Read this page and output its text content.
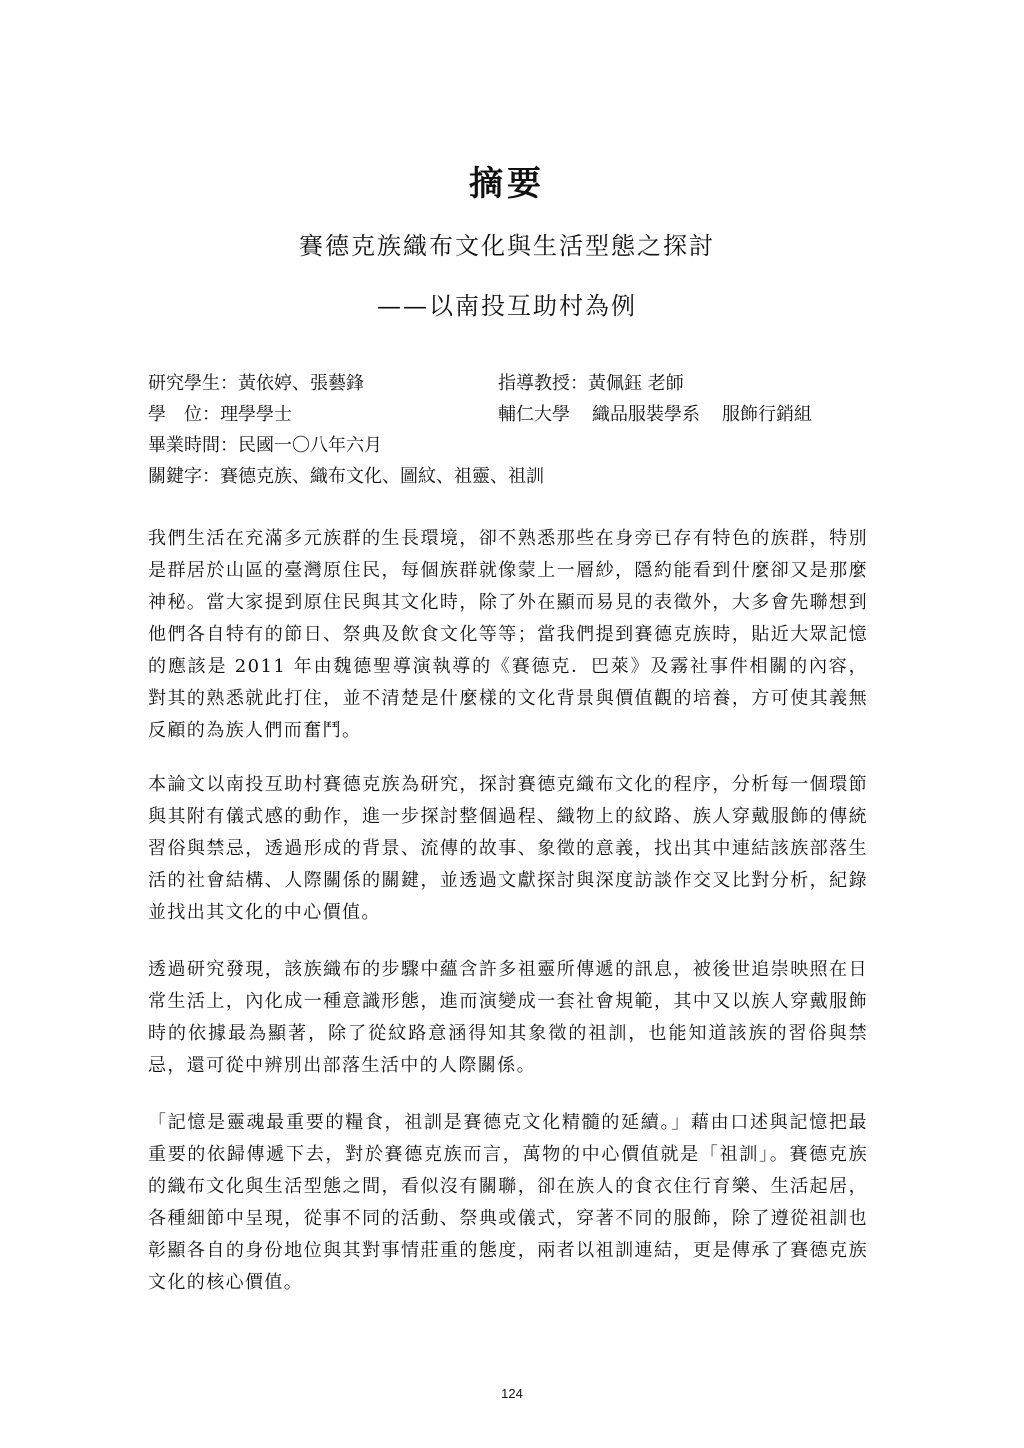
摘要
賽德克族織布文化與生活型態之探討
——以南投互助村為例
研究學生：黃依婷、張藝鋒	指導教授：黃佩鈺 老師
學　位：理學學士	輔仁大學 織品服裝學系 服飾行銷組
畢業時間：民國一〇八年六月
關鍵字：賽德克族、織布文化、圖紋、祖靈、祖訓

我們生活在充滿多元族群的生長環境，卻不熟悉那些在身旁已存有特色的族群，特別是群居於山區的臺灣原住民，每個族群就像蒙上一層紗，隱約能看到什麼卻又是那麼神秘。當大家提到原住民與其文化時，除了外在顯而易見的表徵外，大多會先聯想到他們各自特有的節日、祭典及飲食文化等等；當我們提到賽德克族時，貼近大眾記憶的應該是 2011 年由魏德聖導演執導的《賽德克．巴萊》及霧社事件相關的內容，對其的熟悉就此打住，並不清楚是什麼樣的文化背景與價值觀的培養，方可使其義無反顧的為族人們而奮鬥。

本論文以南投互助村賽德克族為研究，探討賽德克織布文化的程序，分析每一個環節與其附有儀式感的動作，進一步探討整個過程、織物上的紋路、族人穿戴服飾的傳統習俗與禁忌，透過形成的背景、流傳的故事、象徵的意義，找出其中連結該族部落生活的社會結構、人際關係的關鍵，並透過文獻探討與深度訪談作交叉比對分析，紀錄並找出其文化的中心價值。

透過研究發現，該族織布的步驟中蘊含許多祖靈所傳遞的訊息，被後世追崇映照在日常生活上，內化成一種意識形態，進而演變成一套社會規範，其中又以族人穿戴服飾時的依據最為顯著，除了從紋路意涵得知其象徵的祖訓，也能知道該族的習俗與禁忌，還可從中辨別出部落生活中的人際關係。

「記憶是靈魂最重要的糧食，祖訓是賽德克文化精髓的延續。」藉由口述與記憶把最重要的依歸傳遞下去，對於賽德克族而言，萬物的中心價值就是「祖訓」。賽德克族的織布文化與生活型態之間，看似沒有關聯，卻在族人的食衣住行育樂、生活起居，各種細節中呈現，從事不同的活動、祭典或儀式，穿著不同的服飾，除了遵從祖訓也彰顯各自的身份地位與其對事情莊重的態度，兩者以祖訓連結，更是傳承了賽德克族文化的核心價值。

124
